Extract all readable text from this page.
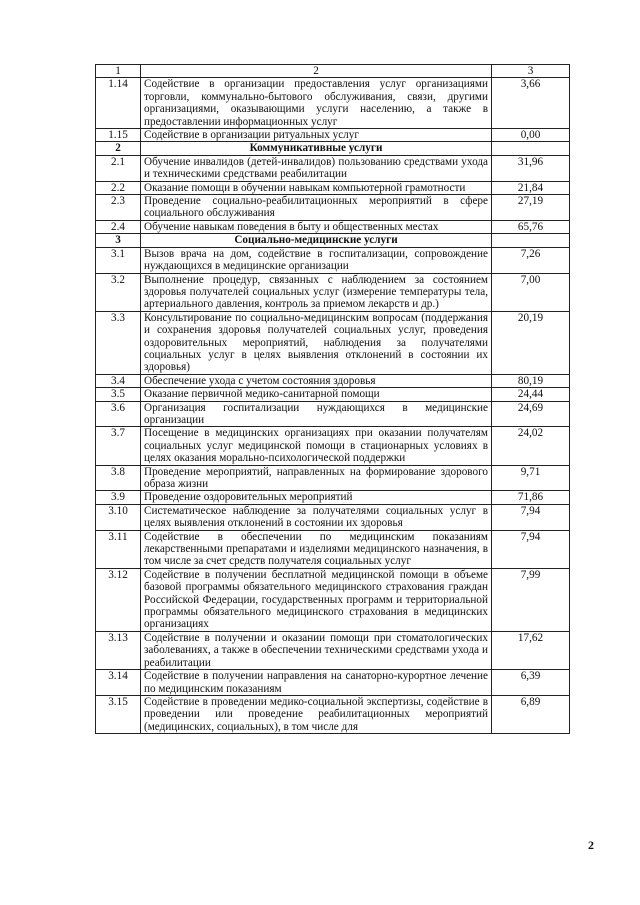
1	2	3
1.14	Содействие в организации предоставления услуг организациями торговли, коммунально-бытового обслуживания, связи, другими организациями, оказывающими услуги населению, а также в предоставлении информационных услуг	3,66
1.15	Содействие в организации ритуальных услуг	0,00
2	Коммуникативные услуги	
2.1	Обучение инвалидов (детей-инвалидов) пользованию средствами ухода и техническими средствами реабилитации	31,96
2.2	Оказание помощи в обучении навыкам компьютерной грамотности	21,84
2.3	Проведение социально-реабилитационных мероприятий в сфере социального обслуживания	27,19
2.4	Обучение навыкам поведения в быту и общественных местах	65,76
3	Социально-медицинские услуги	
3.1	Вызов врача на дом, содействие в госпитализации, сопровождение нуждающихся в медицинские организации	7,26
3.2	Выполнение процедур, связанных с наблюдением за состоянием здоровья получателей социальных услуг (измерение температуры тела, артериального давления, контроль за приемом лекарств и др.)	7,00
3.3	Консультирование по социально-медицинским вопросам (поддержания и сохранения здоровья получателей социальных услуг, проведения оздоровительных мероприятий, наблюдения за получателями социальных услуг в целях выявления отклонений в состоянии их здоровья)	20,19
3.4	Обеспечение ухода с учетом состояния здоровья	80,19
3.5	Оказание первичной медико-санитарной помощи	24,44
3.6	Организация госпитализации нуждающихся в медицинские организации	24,69
3.7	Посещение в медицинских организациях при оказании получателям социальных услуг медицинской помощи в стационарных условиях в целях оказания морально-психологической поддержки	24,02
3.8	Проведение мероприятий, направленных на формирование здорового образа жизни	9,71
3.9	Проведение оздоровительных мероприятий	71,86
3.10	Систематическое наблюдение за получателями социальных услуг в целях выявления отклонений в состоянии их здоровья	7,94
3.11	Содействие в обеспечении по медицинским показаниям лекарственными препаратами и изделиями медицинского назначения, в том числе за счет средств получателя социальных услуг	7,94
3.12	Содействие в получении бесплатной медицинской помощи в объеме базовой программы обязательного медицинского страхования граждан Российской Федерации, государственных программ и территориальной программы обязательного медицинского страхования в медицинских организациях	7,99
3.13	Содействие в получении и оказании помощи при стоматологических заболеваниях, а также в обеспечении техническими средствами ухода и реабилитации	17,62
3.14	Содействие в получении направления на санаторно-курортное лечение по медицинским показаниям	6,39
3.15	Содействие в проведении медико-социальной экспертизы, содействие в проведении или проведение реабилитационных мероприятий (медицинских, социальных), в том числе для	6,89
2
